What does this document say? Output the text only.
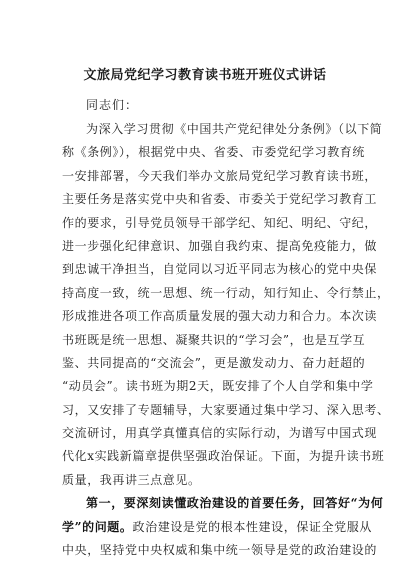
文旅局党纪学习教育读书班开班仪式讲话
同志们：
为深入学习贯彻《中国共产党纪律处分条例》（以下简
称《条例》），根据党中央、省委、市委党纪学习教育统
一安排部署，今天我们举办文旅局党纪学习教育读书班，
主要任务是落实党中央和省委、市委关于党纪学习教育工
作的要求，引导党员领导干部学纪、知纪、明纪、守纪，
进一步强化纪律意识、加强自我约束、提高免疫能力，做
到忠诚干净担当，自觉同以习近平同志为核心的党中央保
持高度一致，统一思想、统一行动，知行知止、令行禁止，
形成推进各项工作高质量发展的强大动力和合力。本次读
书班既是统一思想、凝聚共识的“学习会”，也是互学互
鉴、共同提高的“交流会”，更是激发动力、奋力赶超的
“动员会”。读书班为期2天，既安排了个人自学和集中学
习，又安排了专题辅导，大家要通过集中学习、深入思考、
交流研讨，用真学真懂真信的实际行动，为谱写中国式现
代化x实践新篇章提供坚强政治保证。下面，为提升读书班
质量，我再讲三点意见。
第一，要深刻读懂政治建设的首要任务，回答好“为何
学”的问题。政治建设是党的根本性建设，保证全党服从
中央，坚持党中央权威和集中统一领导是党的政治建设的
